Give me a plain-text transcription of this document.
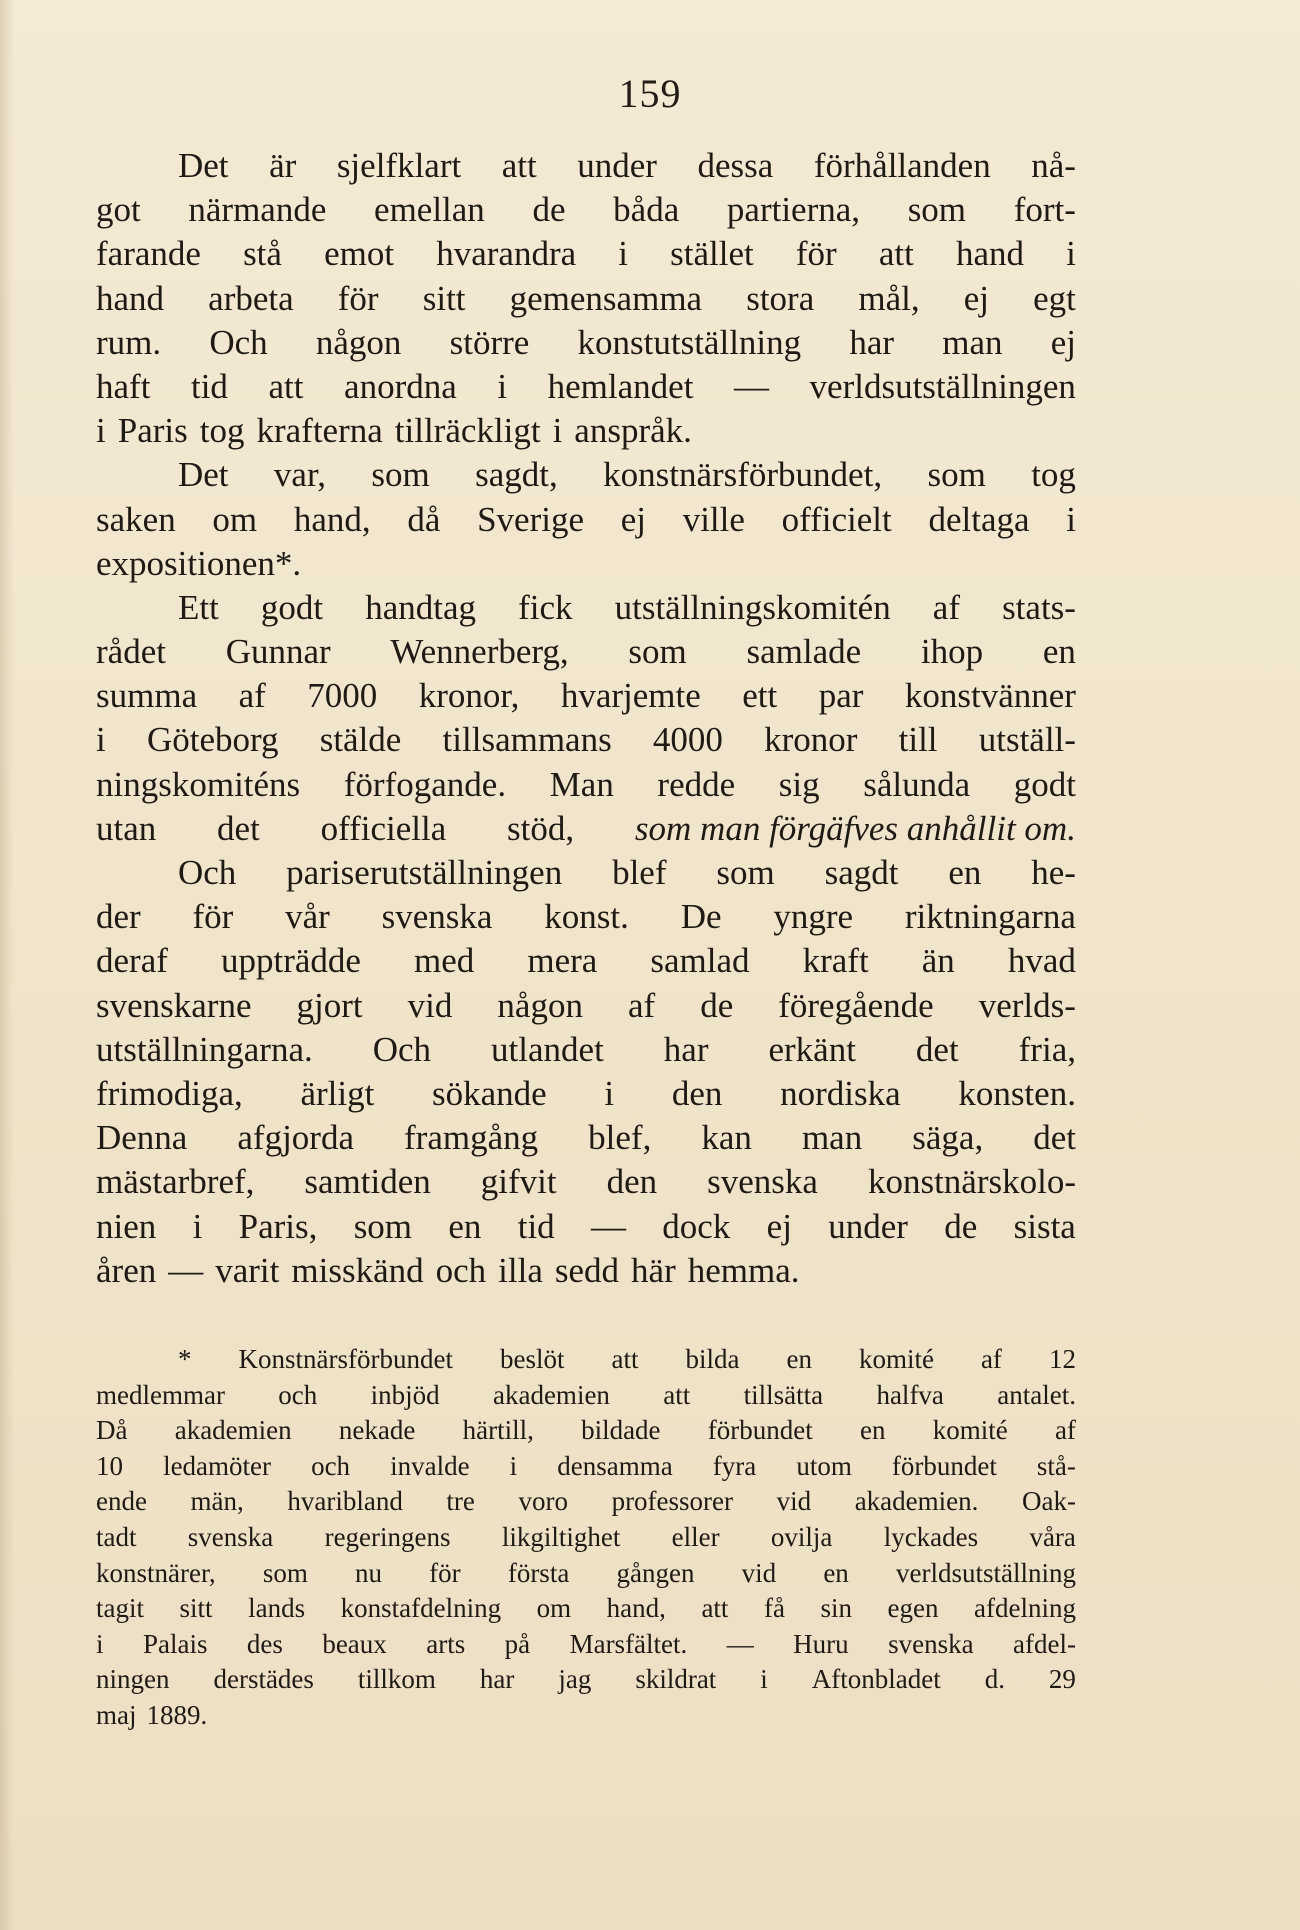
159
Det är sjelfklart att under dessa förhållanden nå-
got närmande emellan de båda partierna, som fort-
farande stå emot hvarandra i stället för att hand i
hand arbeta för sitt gemensamma stora mål, ej egt
rum. Och någon större konstutställning har man ej
haft tid att anordna i hemlandet — verldsutställningen
i Paris tog krafterna tillräckligt i anspråk.
Det var, som sagdt, konstnärsförbundet, som tog
saken om hand, då Sverige ej ville officielt deltaga i
expositionen*.
Ett godt handtag fick utställningskomitén af stats-
rådet Gunnar Wennerberg, som samlade ihop en
summa af 7000 kronor, hvarjemte ett par konstvänner
i Göteborg stälde tillsammans 4000 kronor till utställ-
ningskomiténs förfogande. Man redde sig sålunda godt
utan det officiella stöd, som man förgäfves anhållit om.
Och pariserutställningen blef som sagdt en he-
der för vår svenska konst. De yngre riktningarna
deraf uppträdde med mera samlad kraft än hvad
svenskarne gjort vid någon af de föregående verlds-
utställningarna. Och utlandet har erkänt det fria,
frimodiga, ärligt sökande i den nordiska konsten.
Denna afgjorda framgång blef, kan man säga, det
mästarbref, samtiden gifvit den svenska konstnärskolo-
nien i Paris, som en tid — dock ej under de sista
åren — varit misskänd och illa sedd här hemma.
* Konstnärsförbundet beslöt att bilda en komité af 12
medlemmar och inbjöd akademien att tillsätta halfva antalet.
Då akademien nekade härtill, bildade förbundet en komité af
10 ledamöter och invalde i densamma fyra utom förbundet stå-
ende män, hvaribland tre voro professorer vid akademien. Oak-
tadt svenska regeringens likgiltighet eller ovilja lyckades våra
konstnärer, som nu för första gången vid en verldsutställning
tagit sitt lands konstafdelning om hand, att få sin egen afdelning
i Palais des beaux arts på Marsfältet. — Huru svenska afdel-
ningen derstädes tillkom har jag skildrat i Aftonbladet d. 29
maj 1889.
